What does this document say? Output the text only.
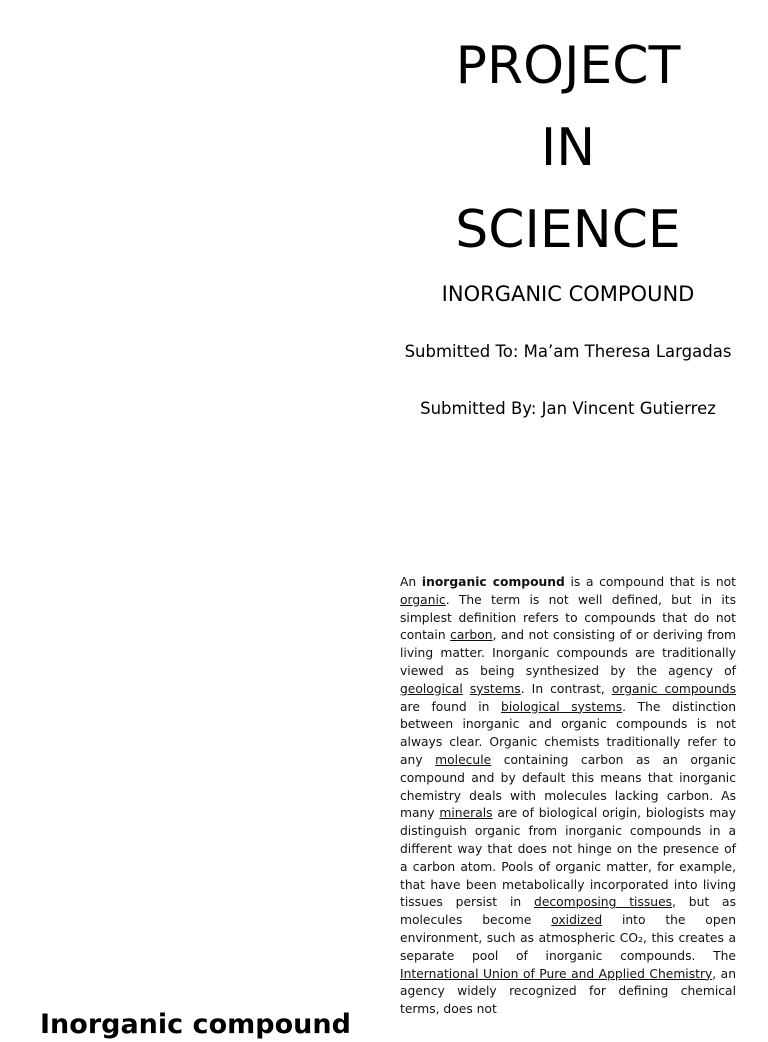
PROJECT
IN
SCIENCE

INORGANIC COMPOUND

Submitted To: Ma’am Theresa Largadas

Submitted By: Jan Vincent Gutierrez

An inorganic compound is a compound that is not organic. The term is not well defined, but in its simplest definition refers to compounds that do not contain carbon, and not consisting of or deriving from living matter. Inorganic compounds are traditionally viewed as being synthesized by the agency of geological systems. In contrast, organic compounds are found in biological systems. The distinction between inorganic and organic compounds is not always clear. Organic chemists traditionally refer to any molecule containing carbon as an organic compound and by default this means that inorganic chemistry deals with molecules lacking carbon. As many minerals are of biological origin, biologists may distinguish organic from inorganic compounds in a different way that does not hinge on the presence of a carbon atom. Pools of organic matter, for example, that have been metabolically incorporated into living tissues persist in decomposing tissues, but as molecules become oxidized into the open environment, such as atmospheric CO₂, this creates a separate pool of inorganic compounds. The International Union of Pure and Applied Chemistry, an agency widely recognized for defining chemical terms, does not

Inorganic compound
